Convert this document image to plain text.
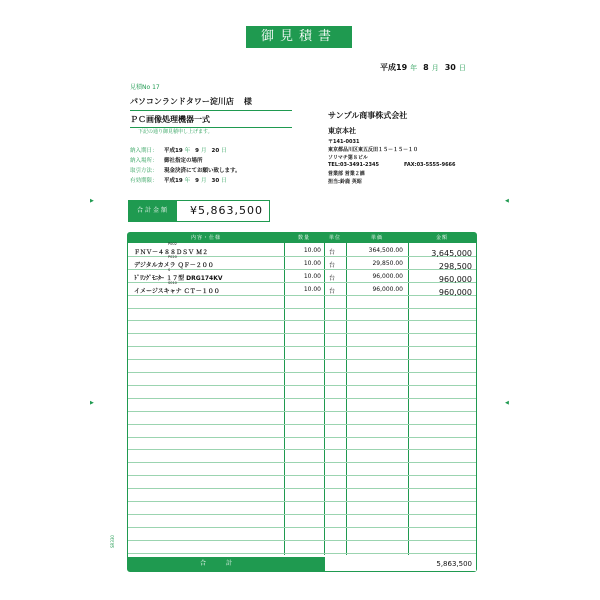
御見積書
平成19 年 8 月 30 日
見積No 17
パソコンランドタワー淀川店 様
ＰＣ画像処理機器一式
下記の通り御見積申し上げます。
納入期日： 平成19 年 9 月 20 日
納入場所： 御社指定の場所
取引方法： 現金決済にてお願い致します。
有効期限： 平成19 年 9 月 30 日
サンプル商事株式会社
東京本社
〒141-0031
東京都品川区東五反田１５－１５－１０
ソリマチ第８ビル
TEL:03-3491-2345	FAX:03-5555-9666
営業部 営業２課
担当:鈴鹿 英昭
合計金額	¥5,863,500
▶	◀
▶	◀
内容・仕様	数量	単位	単価	金額
P002
ＦＮＶ－４８８ＤＳＶ Ｍ２	10.00 台	364,500.00	3,645,000
P020
デジタルカメラ ＱＦ－２００	10.00 台	29,850.00	298,500
S
ﾄﾞﾘﾝｸﾞﾓﾆﾀｰ １７型 DRG174KV	10.00 台	96,000.00	960,000
S010
イメージスキャナ ＣＴ－１００	10.00 台	96,000.00	960,000
合計	5,863,500
SR330
